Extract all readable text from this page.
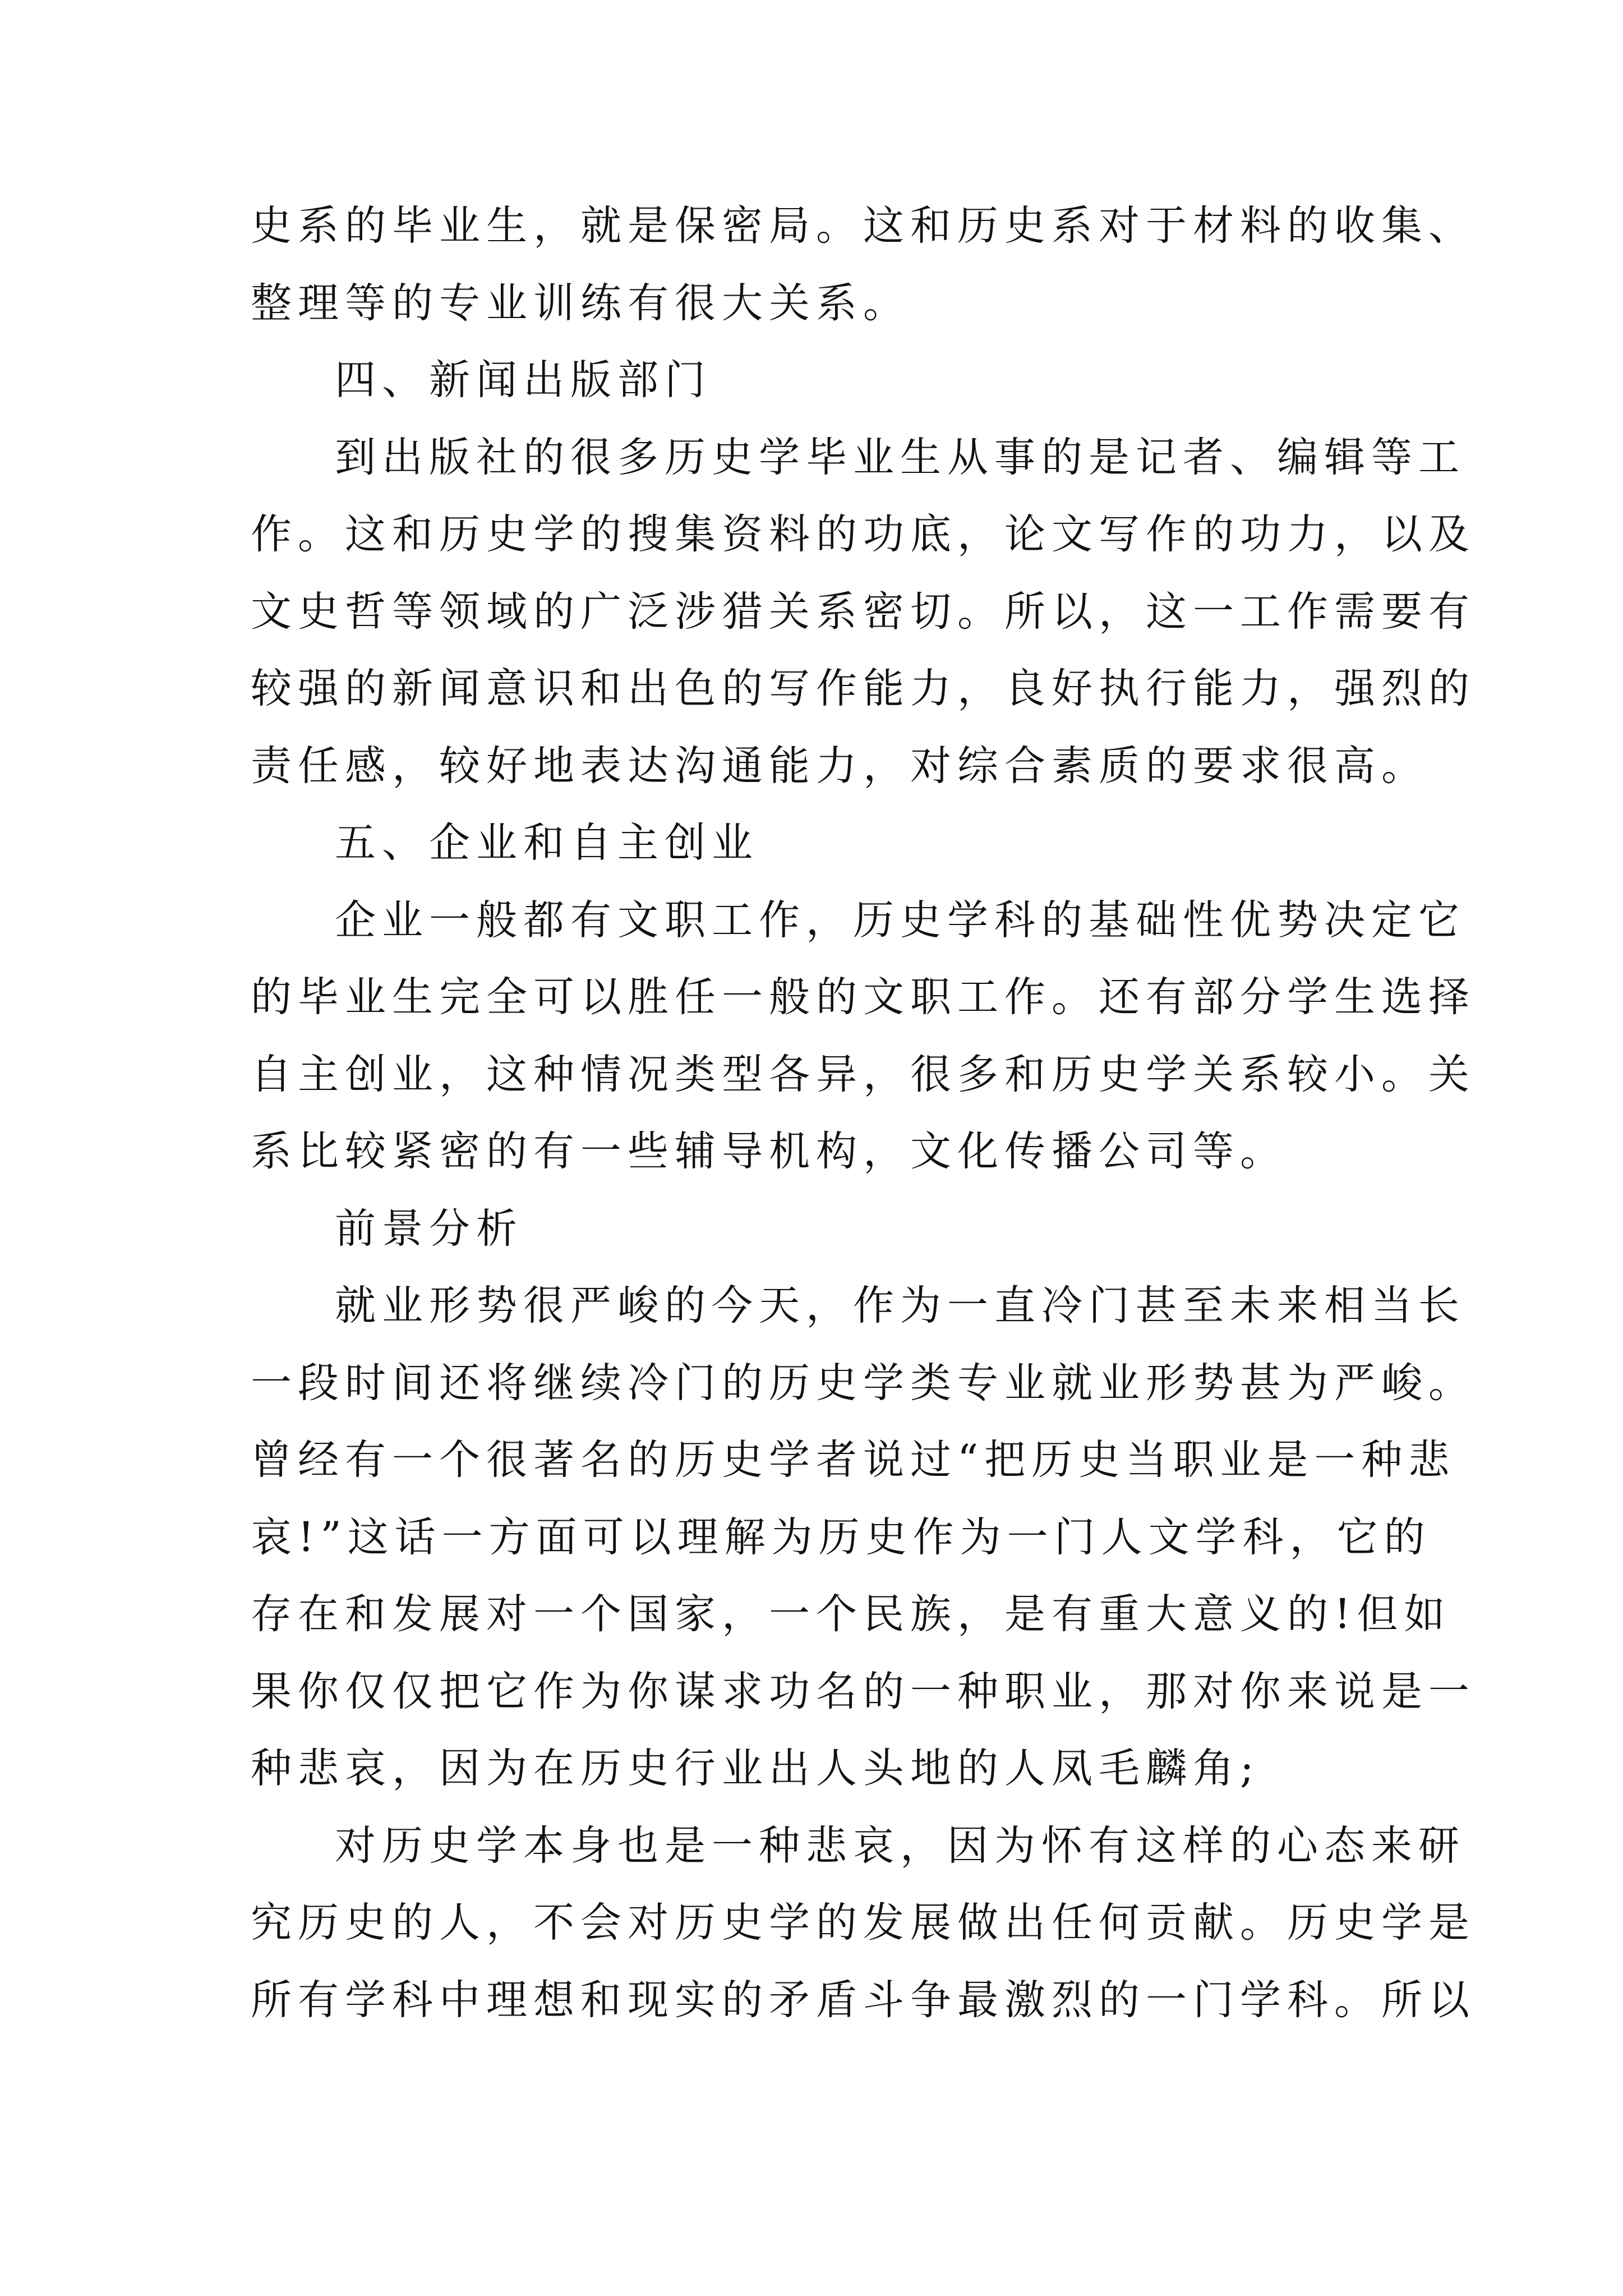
史系的毕业生，就是保密局。这和历史系对于材料的收集、
整理等的专业训练有很大关系。
四、新闻出版部门
到出版社的很多历史学毕业生从事的是记者、编辑等工
作。这和历史学的搜集资料的功底，论文写作的功力，以及
文史哲等领域的广泛涉猎关系密切。所以，这一工作需要有
较强的新闻意识和出色的写作能力，良好执行能力，强烈的
责任感，较好地表达沟通能力，对综合素质的要求很高。
五、企业和自主创业
企业一般都有文职工作，历史学科的基础性优势决定它
的毕业生完全可以胜任一般的文职工作。还有部分学生选择
自主创业，这种情况类型各异，很多和历史学关系较小。关
系比较紧密的有一些辅导机构，文化传播公司等。
前景分析
就业形势很严峻的今天，作为一直冷门甚至未来相当长
一段时间还将继续冷门的历史学类专业就业形势甚为严峻。
曾经有一个很著名的历史学者说过“把历史当职业是一种悲
哀!”这话一方面可以理解为历史作为一门人文学科，它的
存在和发展对一个国家，一个民族，是有重大意义的!但如
果你仅仅把它作为你谋求功名的一种职业，那对你来说是一
种悲哀，因为在历史行业出人头地的人凤毛麟角;
对历史学本身也是一种悲哀，因为怀有这样的心态来研
究历史的人，不会对历史学的发展做出任何贡献。历史学是
所有学科中理想和现实的矛盾斗争最激烈的一门学科。所以
